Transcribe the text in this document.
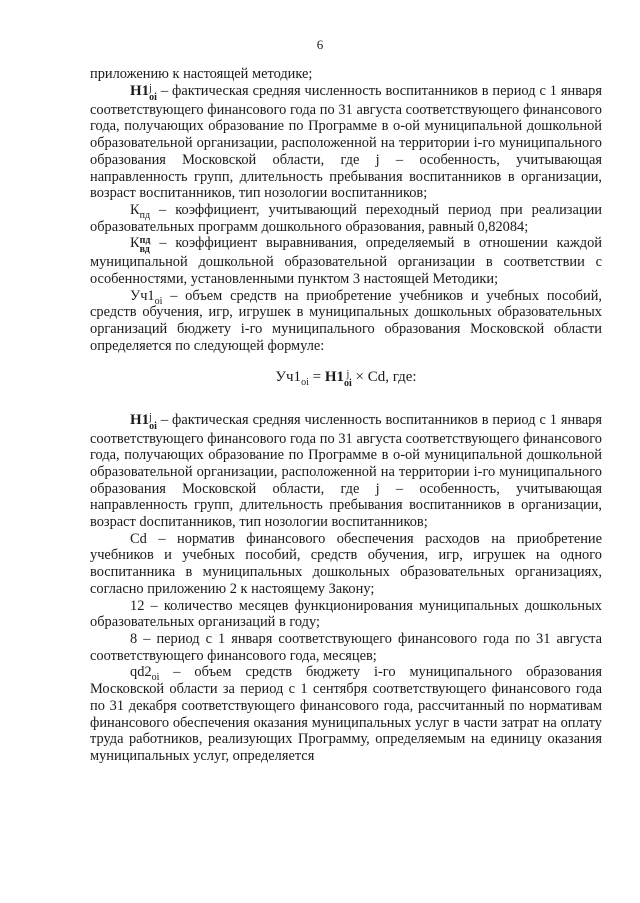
6

приложению к настоящей методике;

Н1 j
oi – фактическая средняя численность воспитанников в период с 1 января соответствующего финансового года по 31 августа соответствующего финансового года, получающих образование по Программе в о-ой муниципальной дошкольной образовательной организации, расположенной на территории i-го муниципального образования Московской области, где j – особенность, учитывающая направленность групп, длительность пребывания воспитанников в организации, возраст воспитанников, тип нозологии воспитанников;

$К_{пд}$ – коэффициент, учитывающий переходный период при реализации образовательных программ дошкольного образования, равный 0,82084;

К пд
вд – коэффициент выравнивания, определяемый в отношении каждой муниципальной дошкольной образовательной организации в соответствии с особенностями, установленными пунктом 3 настоящей Методики;

$Уч1_{oi}$ – объем средств на приобретение учебников и учебных пособий, средств обучения, игр, игрушек в муниципальных дошкольных образовательных организаций бюджету i-го муниципального образования Московской области определяется по следующей формуле:

$Уч1_{oi} = Н1$ j
oi × Cd, где:

Н1 j
oi – фактическая средняя численность воспитанников в период с 1 января соответствующего финансового года по 31 августа соответствующего финансового года, получающих образование по Программе в о-ой муниципальной дошкольной образовательной организации, расположенной на территории i-го муниципального образования Московской области, где j – особенность, учитывающая направленность групп, длительность пребывания воспитанников в организации, возраст dоспитанников, тип нозологии воспитанников;

Cd – норматив финансового обеспечения расходов на приобретение учебников и учебных пособий, средств обучения, игр, игрушек на одного воспитанника в муниципальных дошкольных образовательных организациях, согласно приложению 2 к настоящему Закону;

12 – количество месяцев функционирования муниципальных дошкольных образовательных организаций в году;

8 – период с 1 января соответствующего финансового года по 31 августа соответствующего финансового года, месяцев;

$qd2_{oi}$ – объем средств бюджету i-го муниципального образования Московской области за период с 1 сентября соответствующего финансового года по 31 декабря соответствующего финансового года, рассчитанный по нормативам финансового обеспечения оказания муниципальных услуг в части затрат на оплату труда работников, реализующих Программу, определяемым на единицу оказания муниципальных услуг, определяется
